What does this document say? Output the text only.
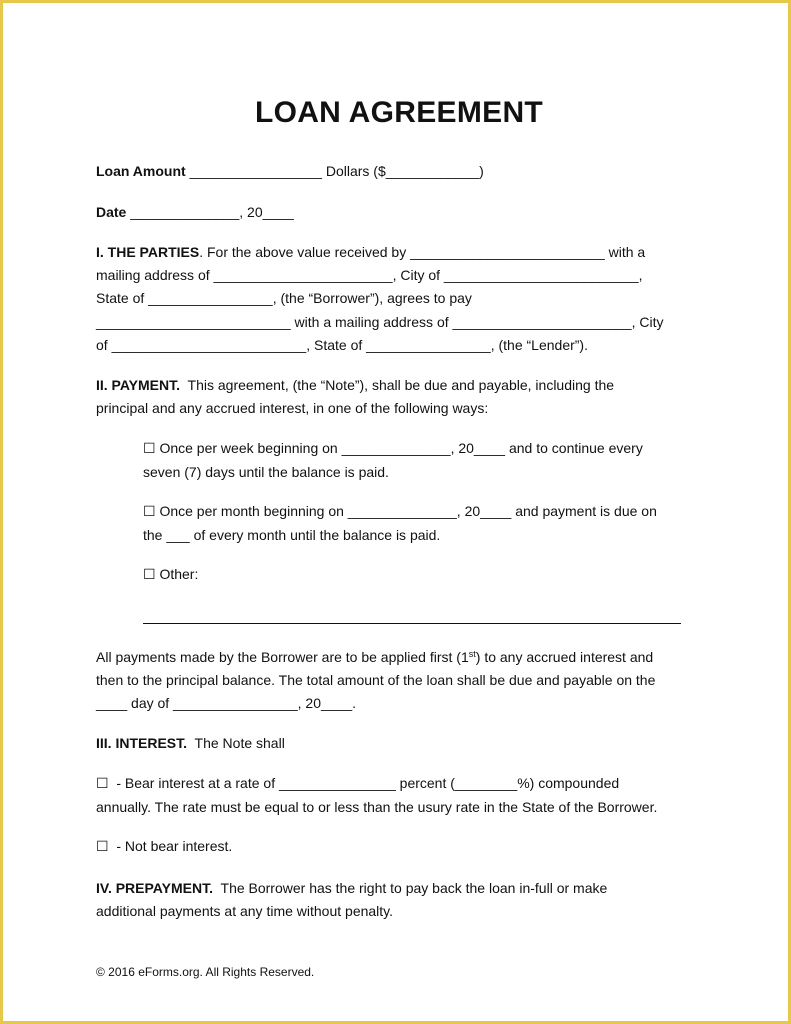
LOAN AGREEMENT
Loan Amount _________________ Dollars ($____________)
Date ______________, 20____
I. THE PARTIES. For the above value received by _________________________ with a
mailing address of _______________________, City of _________________________,
State of ________________, (the “Borrower”), agrees to pay
_________________________ with a mailing address of _______________________, City
of _________________________, State of ________________, (the “Lender”).
II. PAYMENT.  This agreement, (the “Note”), shall be due and payable, including the
principal and any accrued interest, in one of the following ways:
☐ Once per week beginning on ______________, 20____ and to continue every
seven (7) days until the balance is paid.
☐ Once per month beginning on ______________, 20____ and payment is due on
the ___ of every month until the balance is paid.
☐ Other:
All payments made by the Borrower are to be applied first (1st) to any accrued interest and
then to the principal balance. The total amount of the loan shall be due and payable on the
____ day of ________________, 20____.
III. INTEREST.  The Note shall
☐  - Bear interest at a rate of _______________ percent (________%) compounded
annually. The rate must be equal to or less than the usury rate in the State of the Borrower.
☐  - Not bear interest.
IV. PREPAYMENT.  The Borrower has the right to pay back the loan in-full or make
additional payments at any time without penalty.
© 2016 eForms.org. All Rights Reserved.
